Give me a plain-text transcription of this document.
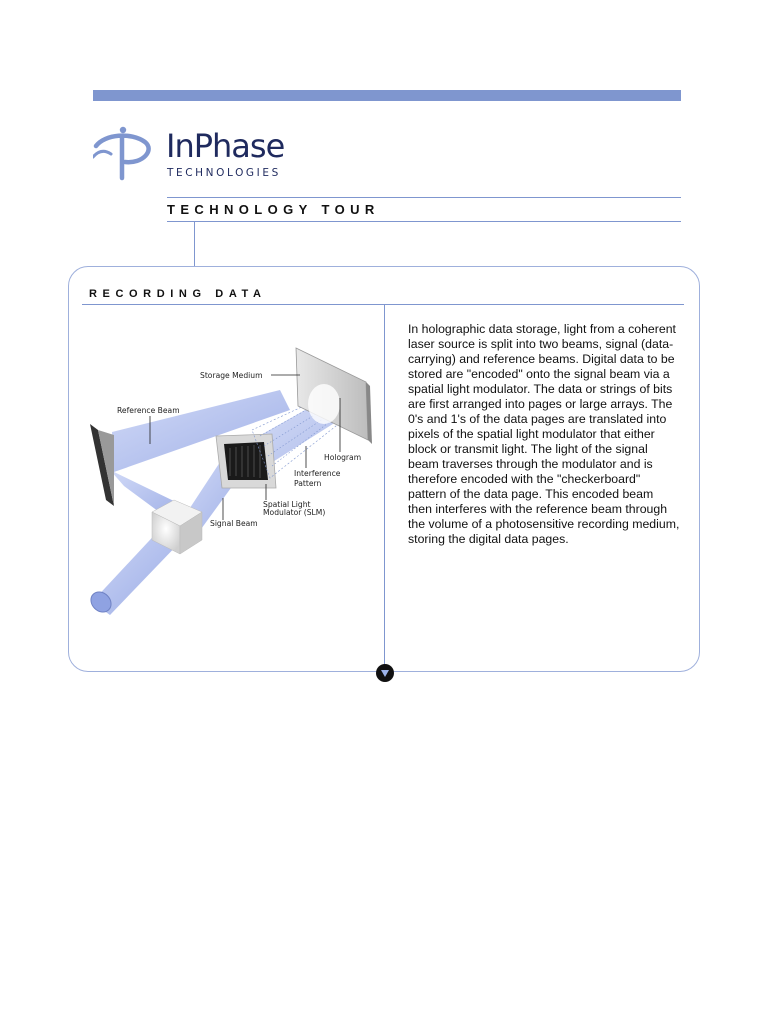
InPhase
TECHNOLOGIES
TECHNOLOGY TOUR
RECORDING DATA
Storage Medium
Reference Beam
Hologram
Interference
Pattern
Spatial Light
Modulator (SLM)
Signal Beam

In holographic data storage, light from a coherent laser source is split into two beams, signal (data-carrying) and reference beams. Digital data to be stored are "encoded" onto the signal beam via a spatial light modulator. The data or strings of bits are first arranged into pages or large arrays. The 0's and 1's of the data pages are translated into pixels of the spatial light modulator that either block or transmit light. The light of the signal beam traverses through the modulator and is therefore encoded with the "checkerboard" pattern of the data page. This encoded beam then interferes with the reference beam through the volume of a photosensitive recording medium, storing the digital data pages.
